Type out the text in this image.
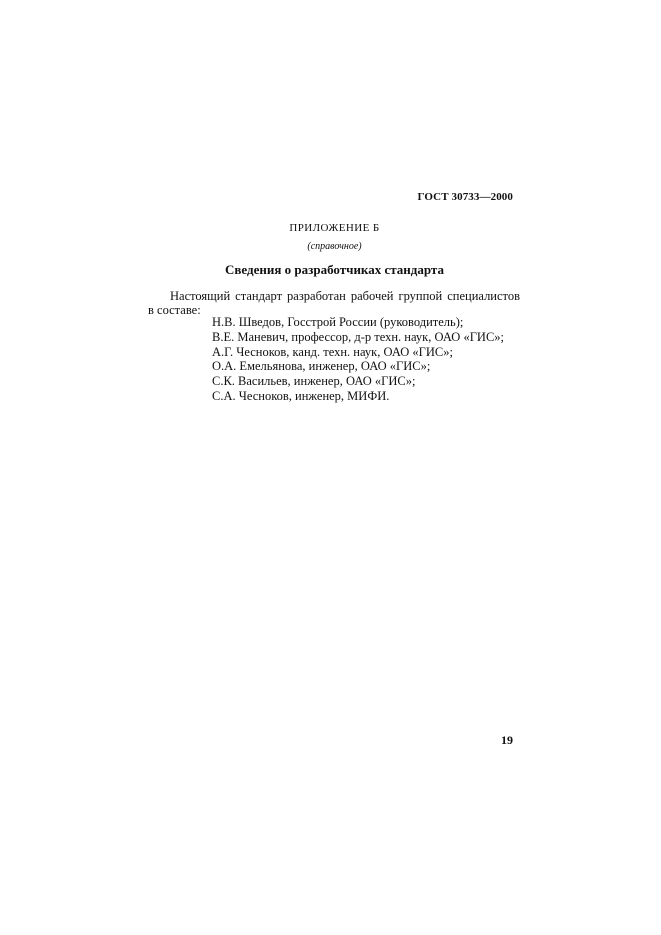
ГОСТ 30733—2000
ПРИЛОЖЕНИЕ Б
(справочное)
Сведения о разработчиках стандарта
Настоящий стандарт разработан рабочей группой специалистов
в составе:
Н.В. Шведов, Госстрой России (руководитель);
В.Е. Маневич, профессор, д-р техн. наук, ОАО «ГИС»;
А.Г. Чесноков, канд. техн. наук, ОАО «ГИС»;
О.А. Емельянова, инженер, ОАО «ГИС»;
С.К. Васильев, инженер, ОАО «ГИС»;
С.А. Чесноков, инженер, МИФИ.
19
